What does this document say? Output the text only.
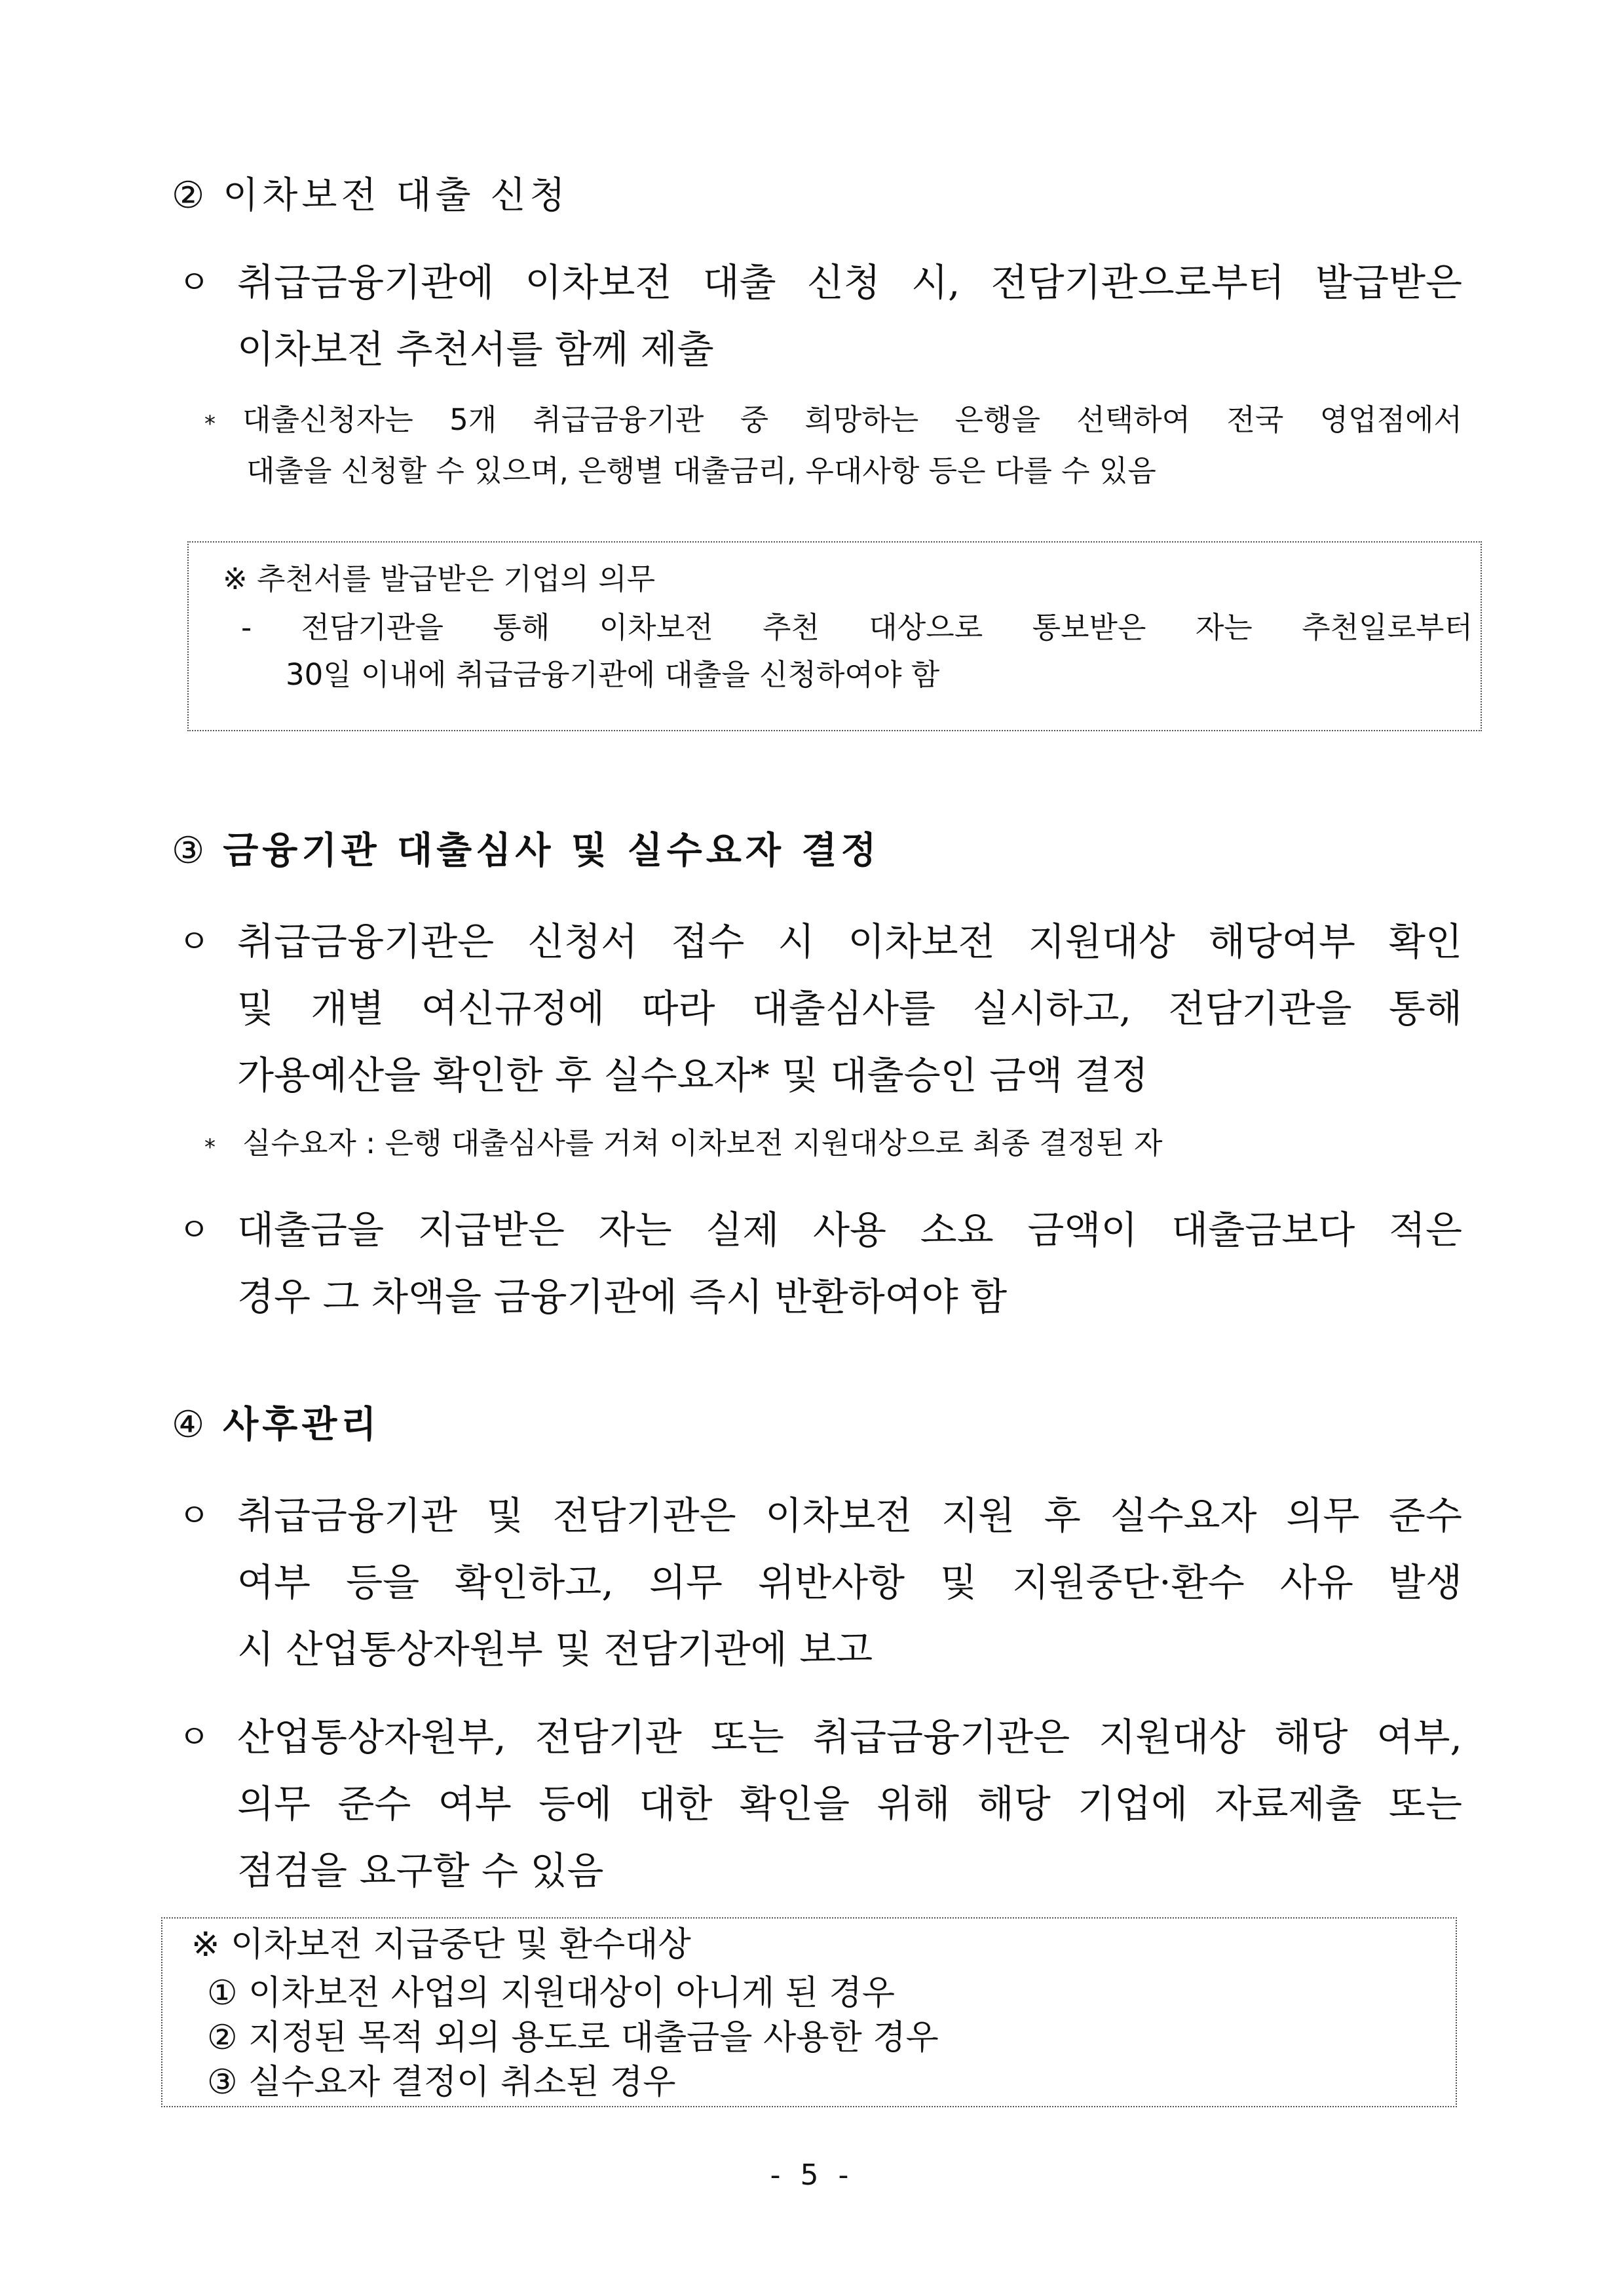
② 이차보전 대출 신청
ㅇ 취급금융기관에 이차보전 대출 신청 시, 전담기관으로부터 발급받은
이차보전 추천서를 함께 제출
* 대출신청자는 5개 취급금융기관 중 희망하는 은행을 선택하여 전국 영업점에서
대출을 신청할 수 있으며, 은행별 대출금리, 우대사항 등은 다를 수 있음
※ 추천서를 발급받은 기업의 의무
- 전담기관을 통해 이차보전 추천 대상으로 통보받은 자는 추천일로부터
30일 이내에 취급금융기관에 대출을 신청하여야 함
③ 금융기관 대출심사 및 실수요자 결정
ㅇ 취급금융기관은 신청서 접수 시 이차보전 지원대상 해당여부 확인
및 개별 여신규정에 따라 대출심사를 실시하고, 전담기관을 통해
가용예산을 확인한 후 실수요자* 및 대출승인 금액 결정
* 실수요자 : 은행 대출심사를 거쳐 이차보전 지원대상으로 최종 결정된 자
ㅇ 대출금을 지급받은 자는 실제 사용 소요 금액이 대출금보다 적은
경우 그 차액을 금융기관에 즉시 반환하여야 함
④ 사후관리
ㅇ 취급금융기관 및 전담기관은 이차보전 지원 후 실수요자 의무 준수
여부 등을 확인하고, 의무 위반사항 및 지원중단·환수 사유 발생
시 산업통상자원부 및 전담기관에 보고
ㅇ 산업통상자원부, 전담기관 또는 취급금융기관은 지원대상 해당 여부,
의무 준수 여부 등에 대한 확인을 위해 해당 기업에 자료제출 또는
점검을 요구할 수 있음
※ 이차보전 지급중단 및 환수대상
① 이차보전 사업의 지원대상이 아니게 된 경우
② 지정된 목적 외의 용도로 대출금을 사용한 경우
③ 실수요자 결정이 취소된 경우
- 5 -
